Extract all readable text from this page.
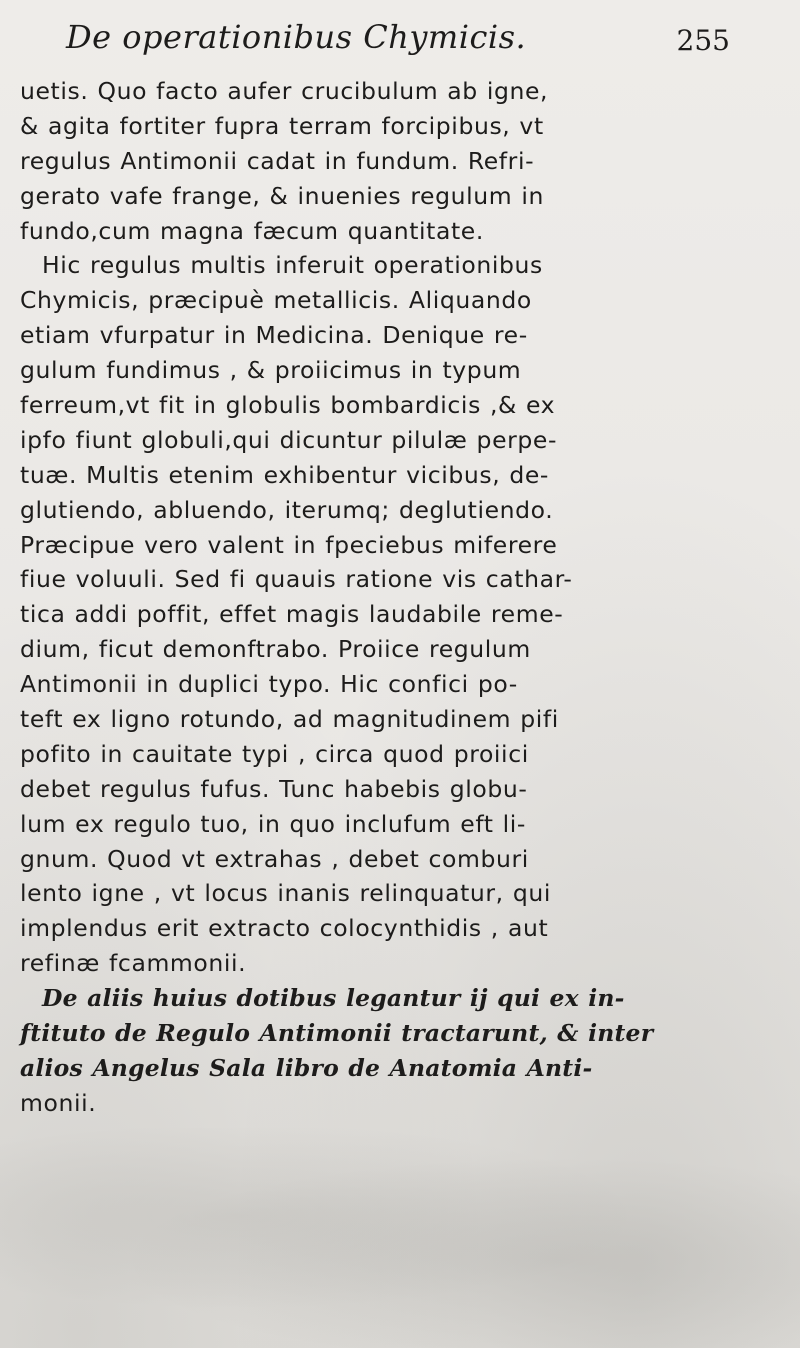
De operationibus Chymicis.	255
uetis. Quo facto aufer crucibulum ab igne,
& agita fortiter fupra terram forcipibus, vt
regulus Antimonii cadat in fundum. Refri-
gerato vafe frange, & inuenies regulum in
fundo,cum magna fæcum quantitate.
Hic regulus multis inferuit operationibus
Chymicis, præcipuè metallicis. Aliquando
etiam vfurpatur in Medicina. Denique re-
gulum fundimus , & proiicimus in typum
ferreum,vt fit in globulis bombardicis ,& ex
ipfo fiunt globuli,qui dicuntur pilulæ perpe-
tuæ. Multis etenim exhibentur vicibus, de-
glutiendo, abluendo, iterumq; deglutiendo.
Præcipue vero valent in fpeciebus miferere
fiue voluuli. Sed fi quauis ratione vis cathar-
tica addi poffit, effet magis laudabile reme-
dium, ficut demonftrabo. Proiice regulum
Antimonii in duplici typo. Hic confici po-
teft ex ligno rotundo, ad magnitudinem pifi
pofito in cauitate typi , circa quod proiici
debet regulus fufus. Tunc habebis globu-
lum ex regulo tuo, in quo inclufum eft li-
gnum. Quod vt extrahas , debet comburi
lento igne , vt locus inanis relinquatur, qui
implendus erit extracto colocynthidis , aut
refinæ fcammonii.
De aliis huius dotibus legantur ij qui ex in-
ftituto de Regulo Antimonii tractarunt, & inter
alios Angelus Sala libro de Anatomia Anti-
monii.
